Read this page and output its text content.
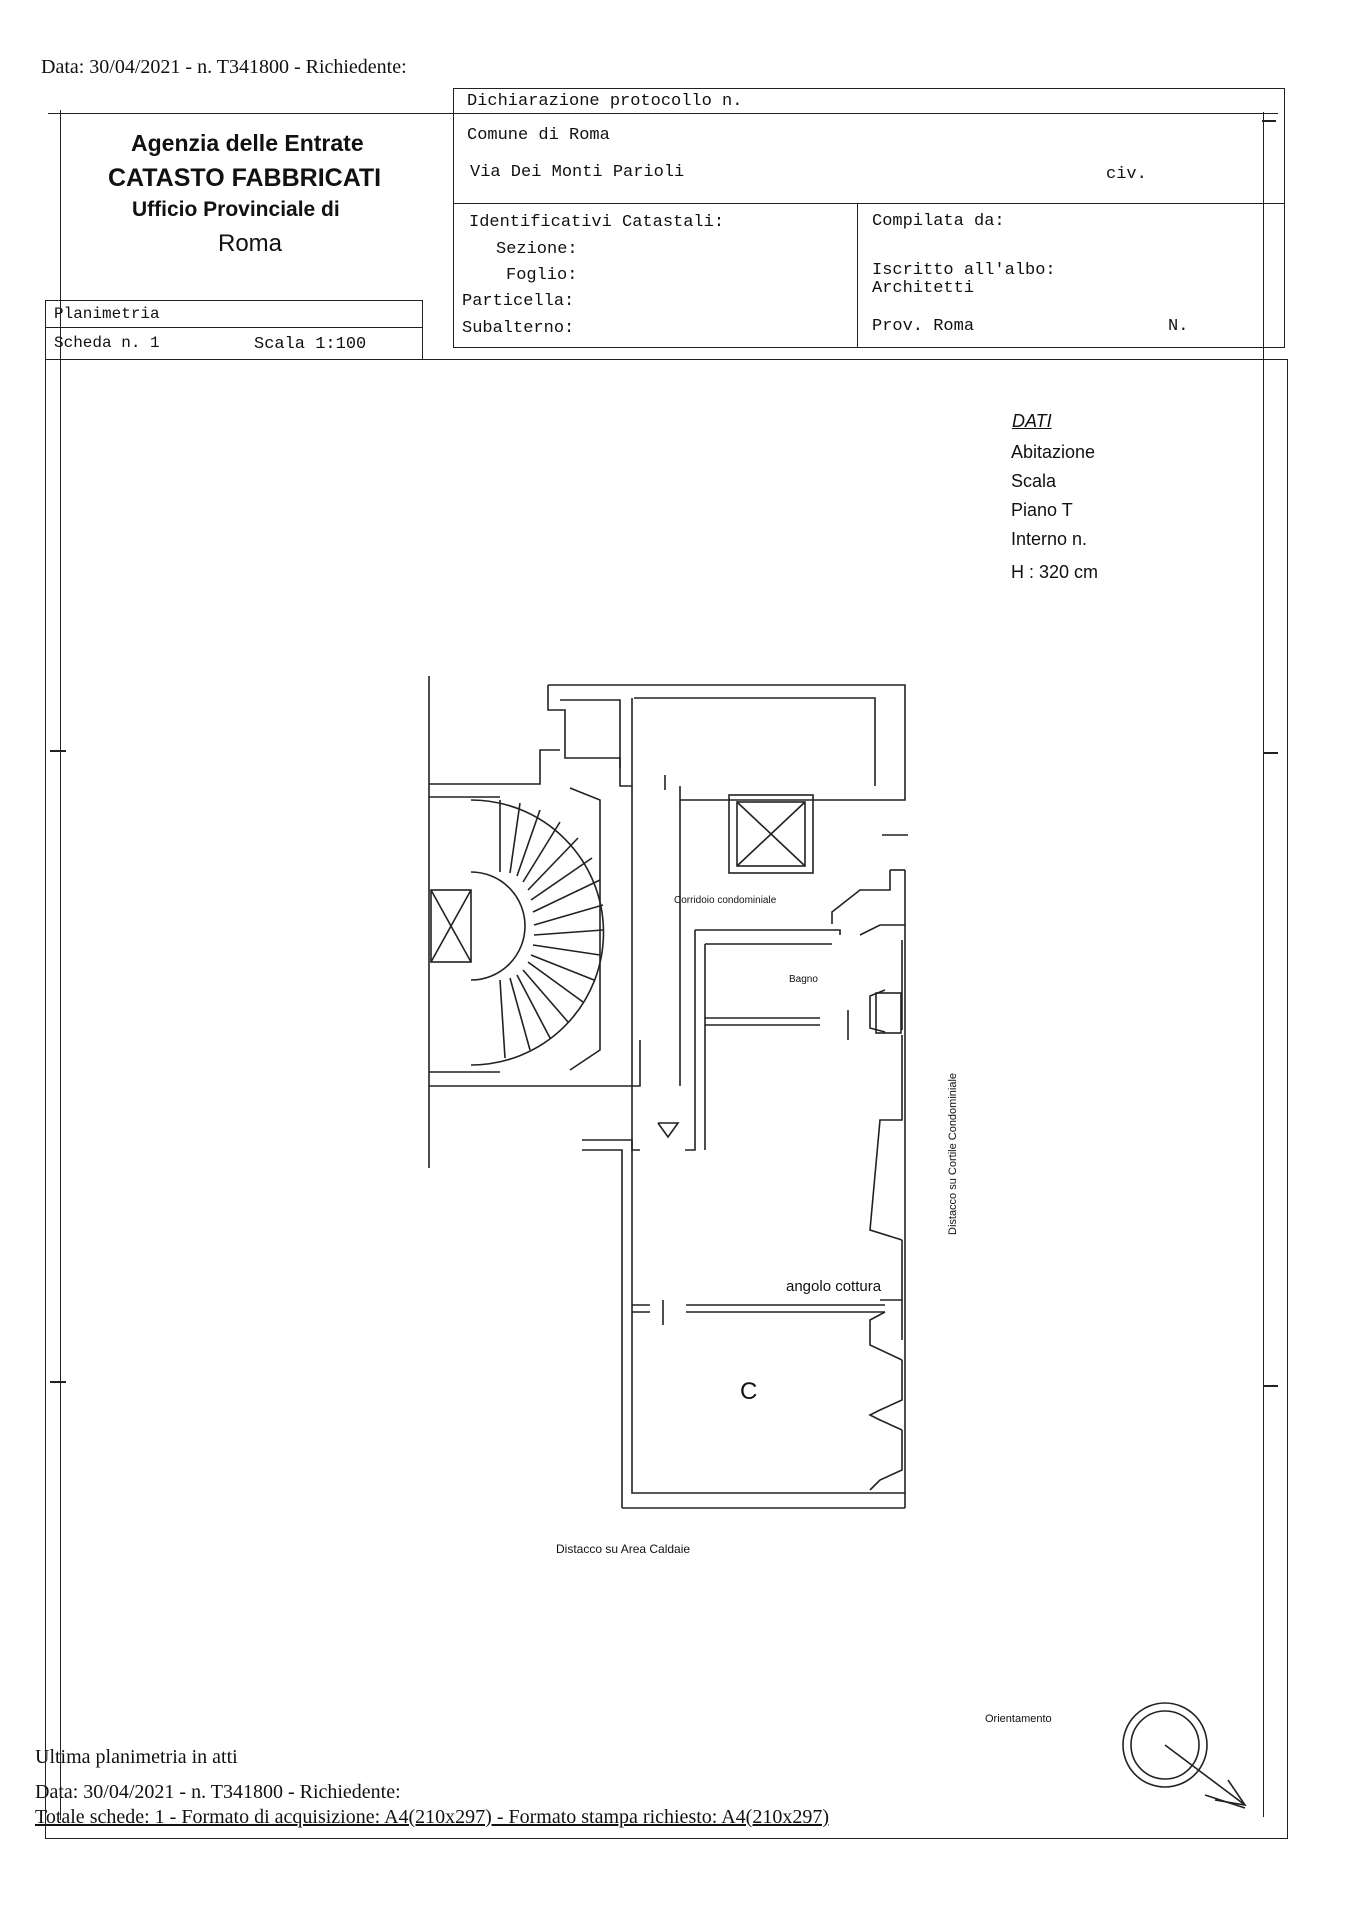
Data: 30/04/2021 - n. T341800 - Richiedente:
Agenzia delle Entrate
CATASTO FABBRICATI
Ufficio Provinciale di
Roma
Dichiarazione protocollo n.
Comune di Roma
Via Dei Monti Parioli	civ.
Identificativi Catastali:
Sezione:
Foglio:
Particella:
Subalterno:
Compilata da:
Iscritto all'albo:
Architetti
Prov. Roma	N.
Planimetria
Scheda n. 1	Scala 1:100
DATI
Abitazione
Scala
Piano T
Interno n.
H : 320 cm
Corridoio condominiale
Bagno
angolo cottura
C
Distacco su Cortile Condominiale
Distacco su Area Caldaie
Orientamento
Ultima planimetria in atti
Data: 30/04/2021 - n. T341800 - Richiedente:
Totale schede: 1 - Formato di acquisizione: A4(210x297) - Formato stampa richiesto: A4(210x297)
